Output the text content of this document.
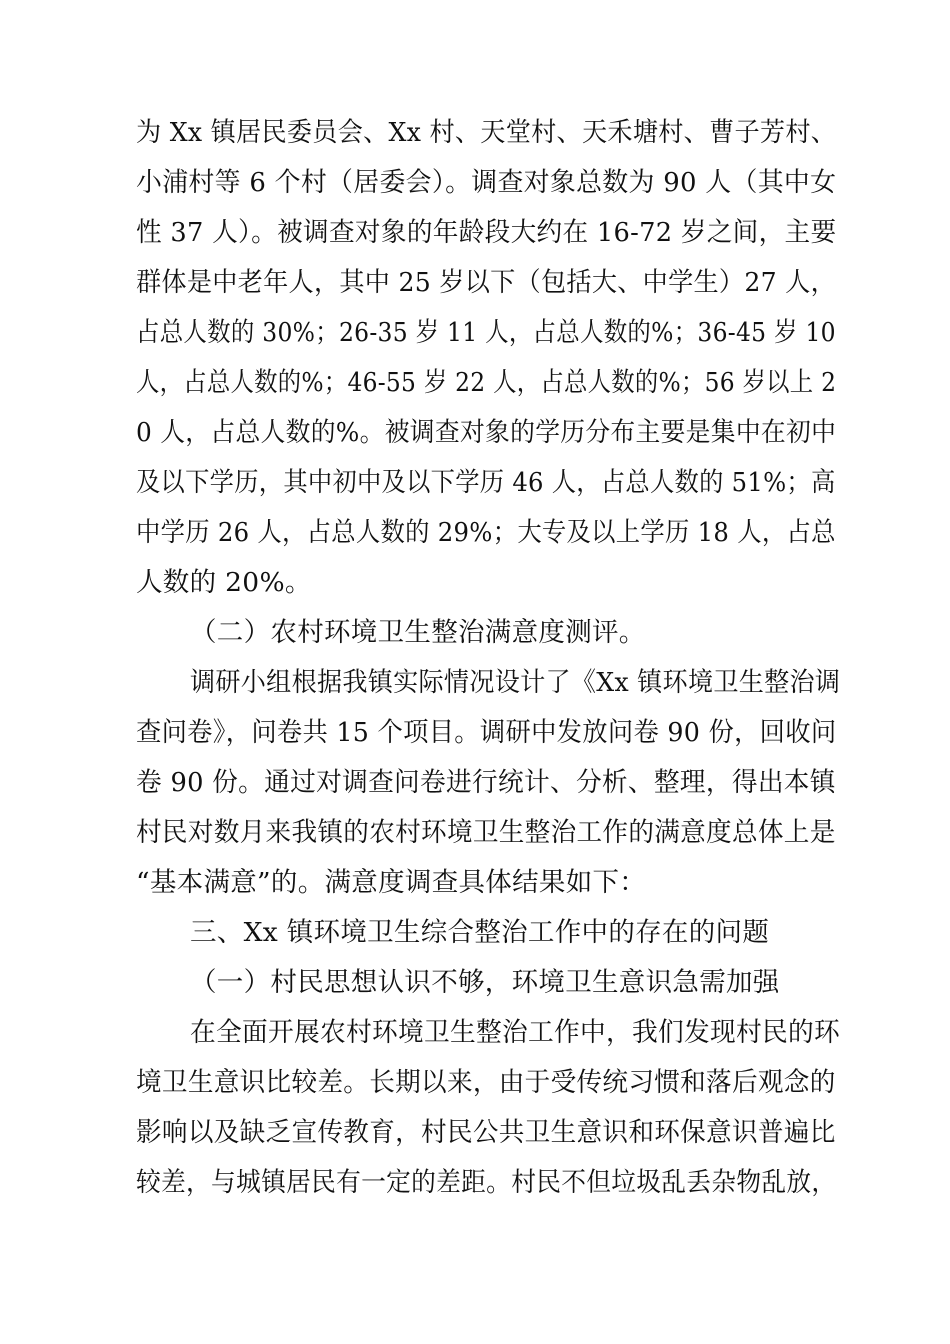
为 Xx 镇居民委员会、Xx 村、天堂村、天禾塘村、曹子芳村、
小浦村等 6 个村（居委会）。调查对象总数为 90 人（其中女
性 37 人）。被调查对象的年龄段大约在 16-72 岁之间，主要
群体是中老年人，其中 25 岁以下（包括大、中学生）27 人，
占总人数的 30%；26-35 岁 11 人，占总人数的%；36-45 岁 10
人，占总人数的%；46-55 岁 22 人，占总人数的%；56 岁以上 2
0 人，占总人数的%。被调查对象的学历分布主要是集中在初中
及以下学历，其中初中及以下学历 46 人，占总人数的 51%；高
中学历 26 人，占总人数的 29%；大专及以上学历 18 人，占总
人数的 20%。
（二）农村环境卫生整治满意度测评。
调研小组根据我镇实际情况设计了《Xx 镇环境卫生整治调
查问卷》，问卷共 15 个项目。调研中发放问卷 90 份，回收问
卷 90 份。通过对调查问卷进行统计、分析、整理，得出本镇
村民对数月来我镇的农村环境卫生整治工作的满意度总体上是
“基本满意”的。满意度调查具体结果如下：
三、Xx 镇环境卫生综合整治工作中的存在的问题
（一）村民思想认识不够，环境卫生意识急需加强
在全面开展农村环境卫生整治工作中，我们发现村民的环
境卫生意识比较差。长期以来，由于受传统习惯和落后观念的
影响以及缺乏宣传教育，村民公共卫生意识和环保意识普遍比
较差，与城镇居民有一定的差距。村民不但垃圾乱丢杂物乱放，
